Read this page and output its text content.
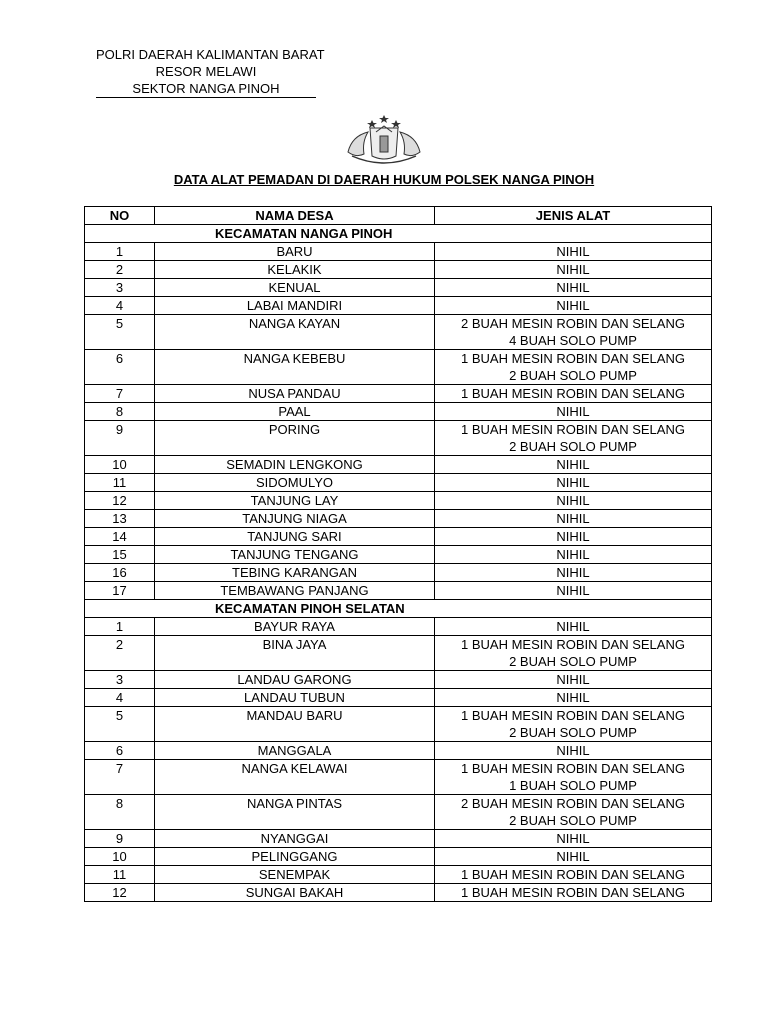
POLRI DAERAH KALIMANTAN BARAT
RESOR MELAWI
SEKTOR NANGA PINOH
DATA ALAT PEMADAN DI DAERAH HUKUM POLSEK NANGA PINOH
NO	NAMA DESA	JENIS ALAT
KECAMATAN NANGA PINOH		
1	BARU	NIHIL

2	KELAKIK	NIHIL

3	KENUAL	NIHIL

4	LABAI MANDIRI	NIHIL

5	NANGA KAYAN	2 BUAH MESIN ROBIN DAN SELANG
4 BUAH SOLO PUMP

6	NANGA KEBEBU	1 BUAH MESIN ROBIN DAN SELANG
2 BUAH SOLO PUMP

7	NUSA PANDAU	1 BUAH MESIN ROBIN DAN SELANG

8	PAAL	NIHIL

9	PORING	1 BUAH MESIN ROBIN DAN SELANG
2 BUAH SOLO PUMP

10	SEMADIN LENGKONG	NIHIL

11	SIDOMULYO	NIHIL

12	TANJUNG LAY	NIHIL

13	TANJUNG NIAGA	NIHIL

14	TANJUNG SARI	NIHIL

15	TANJUNG TENGANG	NIHIL

16	TEBING KARANGAN	NIHIL

17	TEMBAWANG PANJANG	NIHIL

KECAMATAN PINOH SELATAN		
1	BAYUR RAYA	NIHIL

2	BINA JAYA	1 BUAH MESIN ROBIN DAN SELANG
2 BUAH SOLO PUMP

3	LANDAU GARONG	NIHIL

4	LANDAU TUBUN	NIHIL

5	MANDAU BARU	1 BUAH MESIN ROBIN DAN SELANG
2 BUAH SOLO PUMP

6	MANGGALA	NIHIL

7	NANGA KELAWAI	1 BUAH MESIN ROBIN DAN SELANG
1 BUAH SOLO PUMP

8	NANGA PINTAS	2 BUAH MESIN ROBIN DAN SELANG
2 BUAH SOLO PUMP

9	NYANGGAI	NIHIL

10	PELINGGANG	NIHIL

11	SENEMPAK	1 BUAH MESIN ROBIN DAN SELANG

12	SUNGAI BAKAH	1 BUAH MESIN ROBIN DAN SELANG
